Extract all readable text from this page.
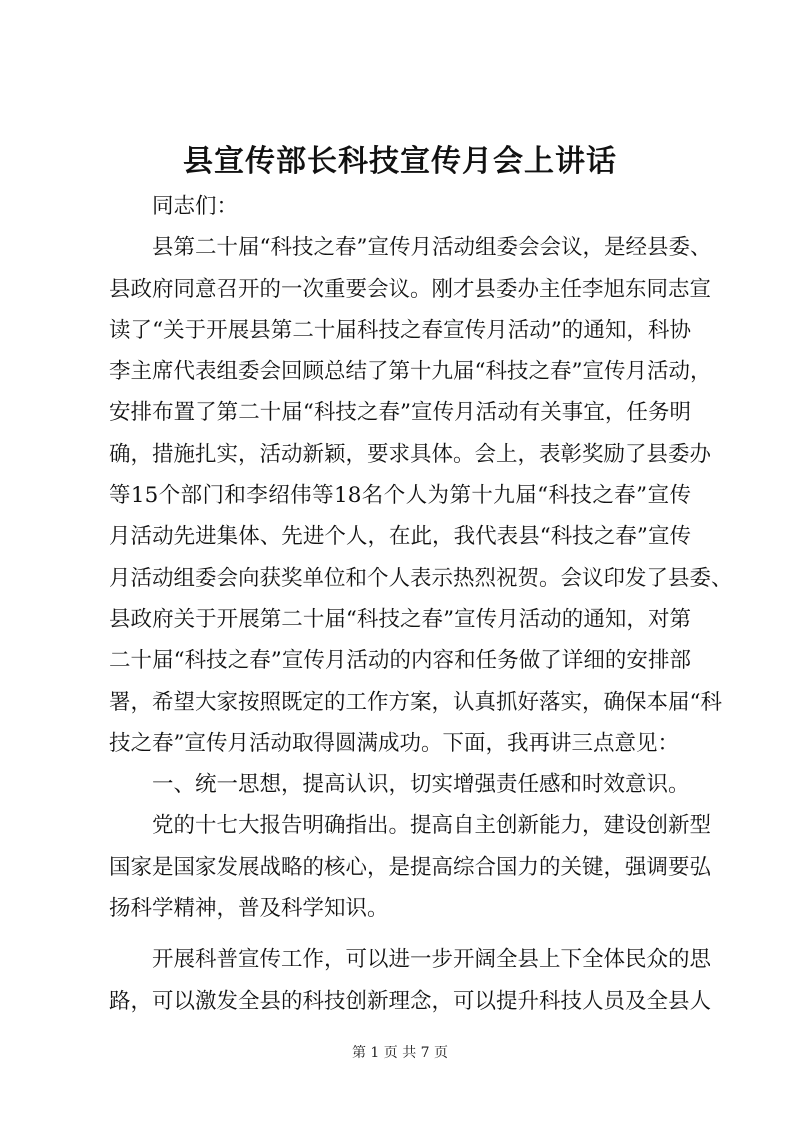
县宣传部长科技宣传月会上讲话
同志们：
县第二十届“科技之春”宣传月活动组委会会议，是经县委、
县政府同意召开的一次重要会议。刚才县委办主任李旭东同志宣
读了“关于开展县第二十届科技之春宣传月活动”的通知，科协
李主席代表组委会回顾总结了第十九届“科技之春”宣传月活动，
安排布置了第二十届“科技之春”宣传月活动有关事宜，任务明
确，措施扎实，活动新颖，要求具体。会上，表彰奖励了县委办
等15个部门和李绍伟等18名个人为第十九届“科技之春”宣传
月活动先进集体、先进个人，在此，我代表县“科技之春”宣传
月活动组委会向获奖单位和个人表示热烈祝贺。会议印发了县委、
县政府关于开展第二十届“科技之春”宣传月活动的通知，对第
二十届“科技之春”宣传月活动的内容和任务做了详细的安排部
署，希望大家按照既定的工作方案，认真抓好落实，确保本届“科
技之春”宣传月活动取得圆满成功。下面，我再讲三点意见：
一、统一思想，提高认识，切实增强责任感和时效意识。
党的十七大报告明确指出。提高自主创新能力，建设创新型
国家是国家发展战略的核心，是提高综合国力的关键，强调要弘
扬科学精神，普及科学知识。
开展科普宣传工作，可以进一步开阔全县上下全体民众的思
路，可以激发全县的科技创新理念，可以提升科技人员及全县人
第 1 页 共 7 页
